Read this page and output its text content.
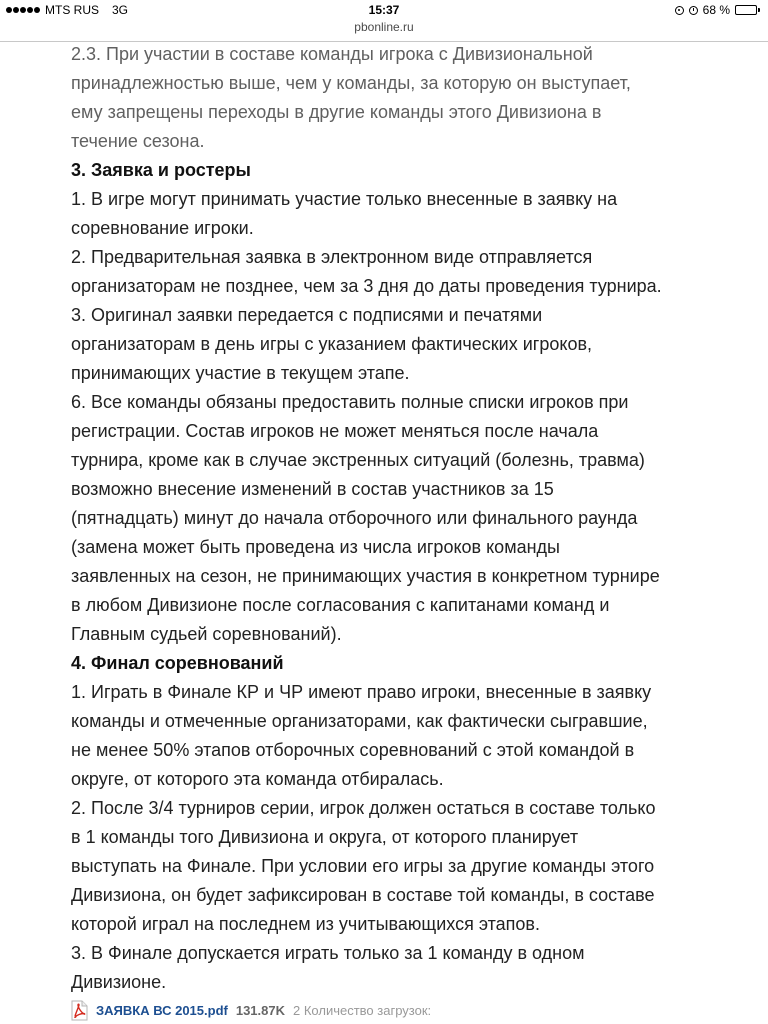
MTS RUS 3G	15:37	68 %
pbonline.ru

2.3. При участии в составе команды игрока с Дивизиональной

принадлежностью выше, чем у команды, за которую он выступает,

ему запрещены переходы в другие команды этого Дивизиона в

течение сезона.

3. Заявка и ростеры

1. В игре могут принимать участие только внесенные в заявку на

соревнование игроки.

2. Предварительная заявка в электронном виде отправляется

организаторам не позднее, чем за 3 дня до даты проведения турнира.

3. Оригинал заявки передается с подписями и печатями

организаторам в день игры с указанием фактических игроков,

принимающих участие в текущем этапе.

6. Все команды обязаны предоставить полные списки игроков при

регистрации. Состав игроков не может меняться после начала

турнира, кроме как в случае экстренных ситуаций (болезнь, травма)

возможно внесение изменений в состав участников за 15

(пятнадцать) минут до начала отборочного или финального раунда

(замена может быть проведена из числа игроков команды

заявленных на сезон, не принимающих участия в конкретном турнире

в любом Дивизионе после согласования с капитанами команд и

Главным судьей соревнований).

4. Финал соревнований

1. Играть в Финале КР и ЧР имеют право игроки, внесенные в заявку

команды и отмеченные организаторами, как фактически сыгравшие,

не менее 50% этапов отборочных соревнований с этой командой в

округе, от которого эта команда отбиралась.

2. После 3/4 турниров серии, игрок должен остаться в составе только

в 1 команды того Дивизиона и округа, от которого планирует

выступать на Финале. При условии его игры за другие команды этого

Дивизиона, он будет зафиксирован в составе той команды, в составе

которой играл на последнем из учитывающихся этапов.

3. В Финале допускается играть только за 1 команду в одном

Дивизионе.

ЗАЯВКА ВС 2015.pdf 131.87K 2 Количество загрузок:
